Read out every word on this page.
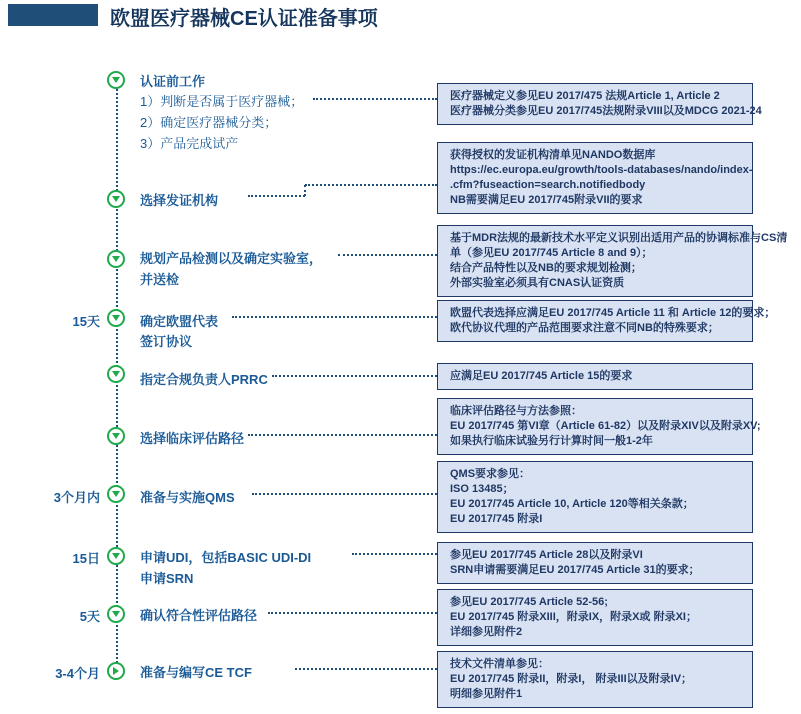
欧盟医疗器械CE认证准备事项
认证前工作
1）判断是否属于医疗器械；
2）确定医疗器械分类；
3）产品完成试产
选择发证机构
规划产品检测以及确定实验室，
并送检
15天	确定欧盟代表
签订协议
指定合规负责人PRRC
选择临床评估路径
3个月内	准备与实施QMS
15日	申请UDI，包括BASIC UDI-DI
申请SRN
5天	确认符合性评估路径
3-4个月	准备与编写CE TCF
医疗器械定义参见EU 2017/475 法规Article 1, Article 2
医疗器械分类参见EU 2017/745法规附录VIII以及MDCG 2021-24
获得授权的发证机构清单见NANDO数据库
https://ec.europa.eu/growth/tools-databases/nando/index-
.cfm?fuseaction=search.notifiedbody
NB需要满足EU 2017/745附录VII的要求
基于MDR法规的最新技术水平定义识别出适用产品的协调标准与CS清
单（参见EU 2017/745 Article 8 and 9）；
结合产品特性以及NB的要求规划检测；
外部实验室必须具有CNAS认证资质
欧盟代表选择应满足EU 2017/745 Article 11 和 Article 12的要求；
欧代协议代理的产品范围要求注意不同NB的特殊要求；
应满足EU 2017/745 Article 15的要求
临床评估路径与方法参照：
EU 2017/745 第VI章（Article 61-82）以及附录XIV以及附录XV;
如果执行临床试验另行计算时间一般1-2年
QMS要求参见：
ISO 13485；
EU 2017/745 Article 10, Article 120等相关条款；
EU 2017/745 附录I
参见EU 2017/745 Article 28以及附录VI
SRN申请需要满足EU 2017/745 Article 31的要求；
参见EU 2017/745 Article 52-56;
EU 2017/745 附录XIII，附录IX，附录X或 附录XI；
详细参见附件2
技术文件清单参见：
EU 2017/745 附录II，附录I， 附录III以及附录IV；
明细参见附件1
